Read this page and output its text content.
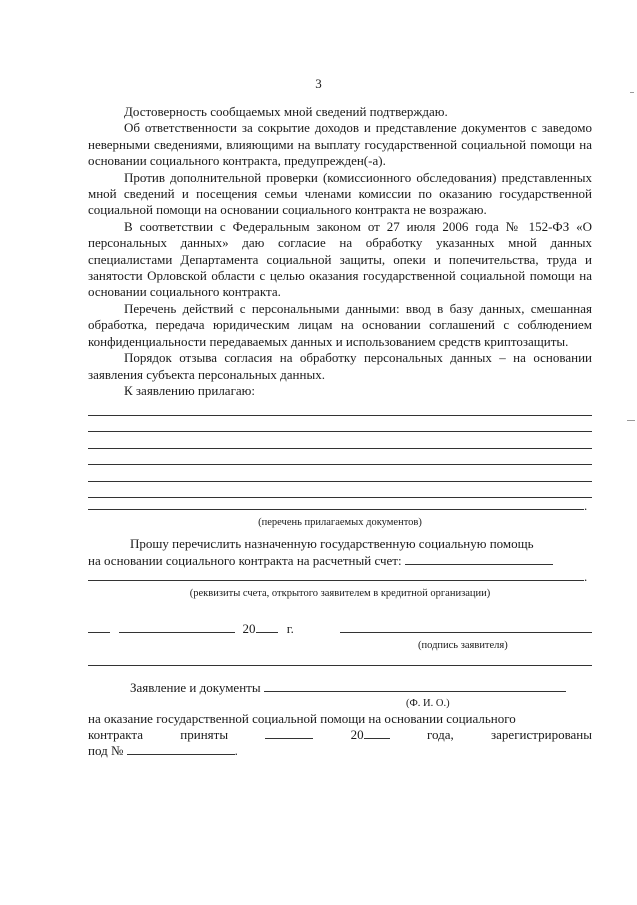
3

Достоверность сообщаемых мной сведений подтверждаю.

Об ответственности за сокрытие доходов и представление документов с заведомо неверными сведениями, влияющими на выплату государственной социальной помощи на основании социального контракта, предупрежден(-а).

Против дополнительной проверки (комиссионного обследования) представленных мной сведений и посещения семьи членами комиссии по оказанию государственной социальной помощи на основании социального контракта не возражаю.

В соответствии с Федеральным законом от 27 июля 2006 года № 152-ФЗ «О персональных данных» даю согласие на обработку указанных мной данных специалистами Департамента социальной защиты, опеки и попечительства, труда и занятости Орловской области с целью оказания государственной социальной помощи на основании социального контракта.

Перечень действий с персональными данными: ввод в базу данных, смешанная обработка, передача юридическим лицам на основании соглашений с соблюдением конфиденциальности передаваемых данных и использованием средств криптозащиты.

Порядок отзыва согласия на обработку персональных данных – на основании заявления субъекта персональных данных.

К заявлению прилагаю:

.
(перечень прилагаемых документов)

Прошу перечислить назначенную государственную социальную помощь

на основании социального контракта на расчетный счет:
.
(реквизиты счета, открытого заявителем в кредитной организации)
20 г.
(подпись заявителя)
Заявление и документы
(Ф. И. О.)

на оказание государственной социальной помощи на основании социального

контракта	приняты	20	года,	зарегистрированы
под №	.
